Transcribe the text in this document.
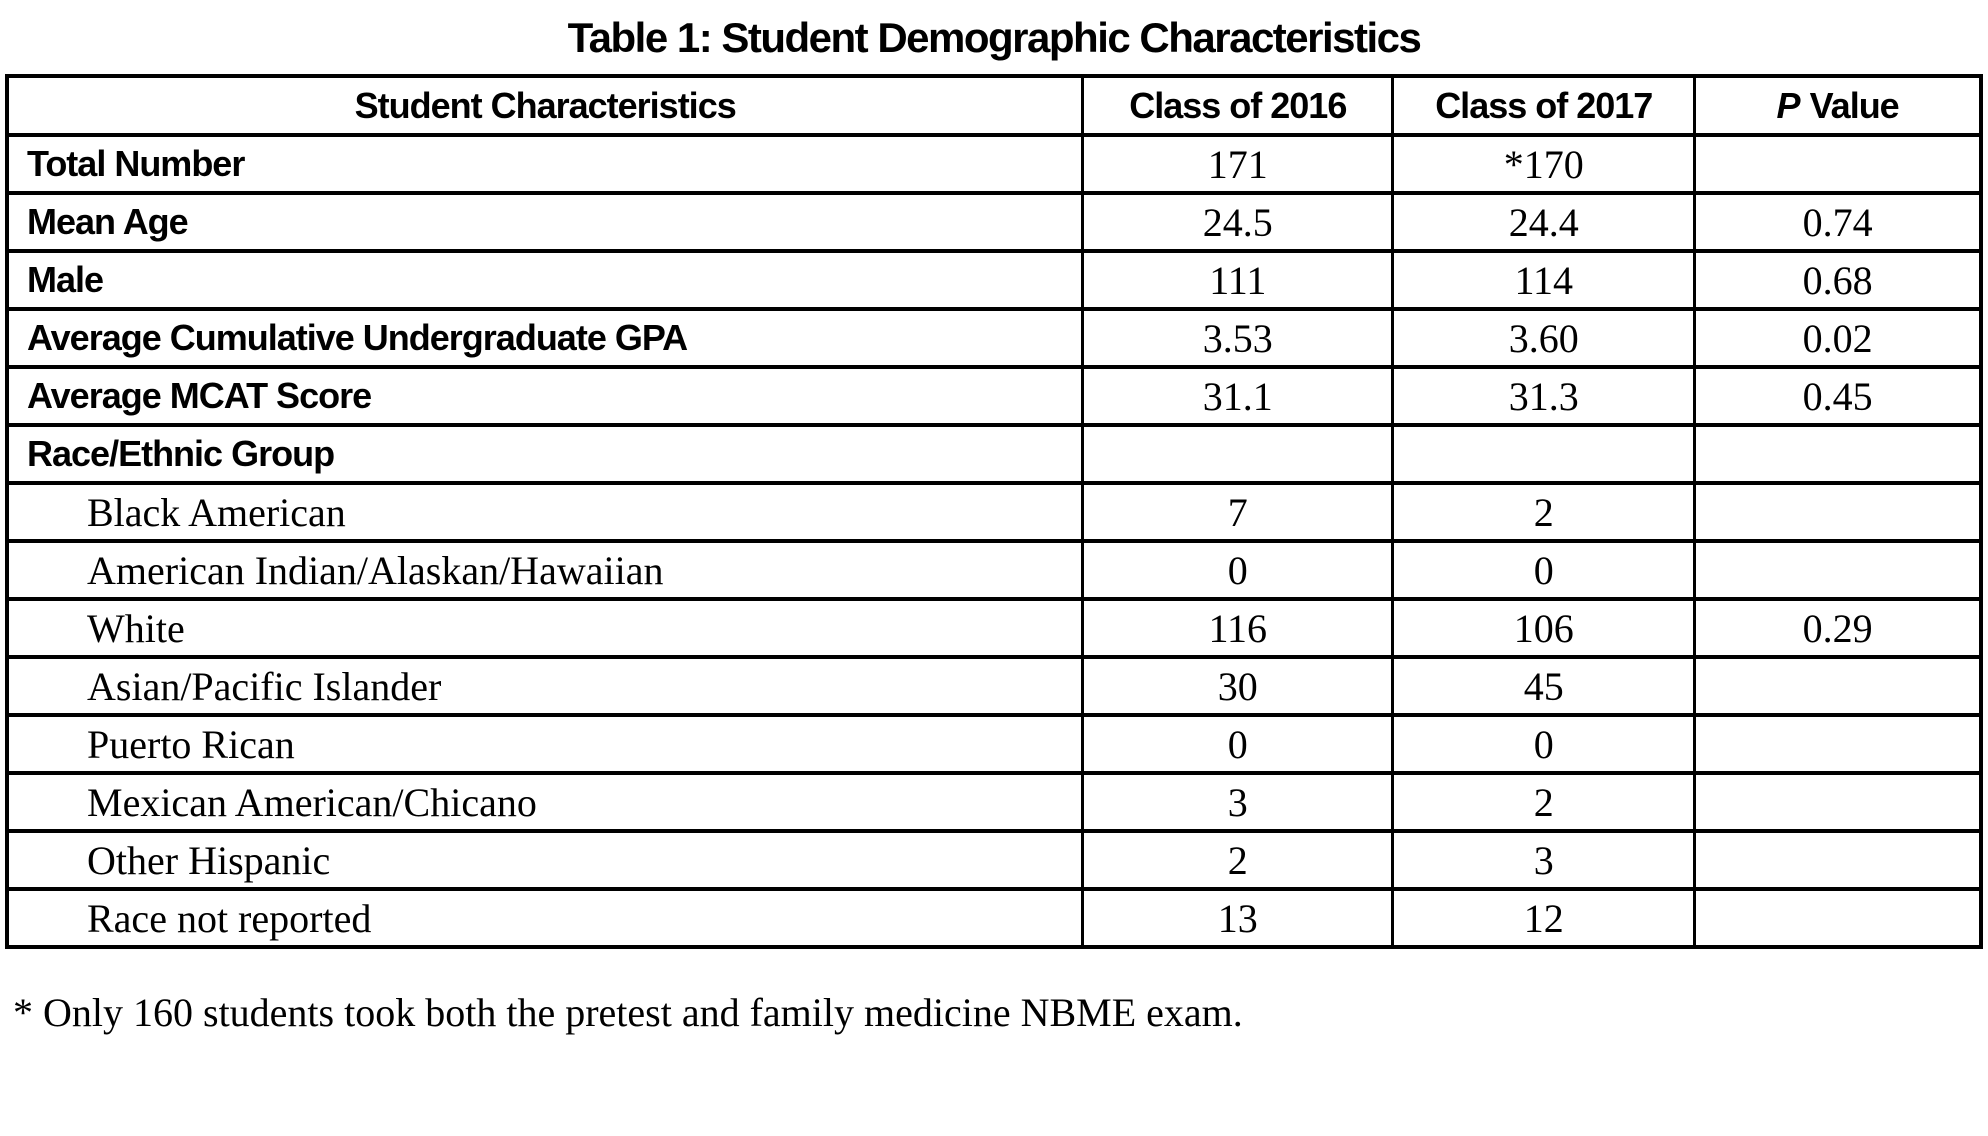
Table 1: Student Demographic Characteristics
Student Characteristics	Class of 2016	Class of 2017	P Value
Total Number	171	*170	
Mean Age	24.5	24.4	0.74
Male	111	114	0.68
Average Cumulative Undergraduate GPA	3.53	3.60	0.02
Average MCAT Score	31.1	31.3	0.45
Race/Ethnic Group			
Black American	7	2	
American Indian/Alaskan/Hawaiian	0	0	
White	116	106	0.29
Asian/Pacific Islander	30	45	
Puerto Rican	0	0	
Mexican American/Chicano	3	2	
Other Hispanic	2	3	
Race not reported	13	12	
* Only 160 students took both the pretest and family medicine NBME exam.
